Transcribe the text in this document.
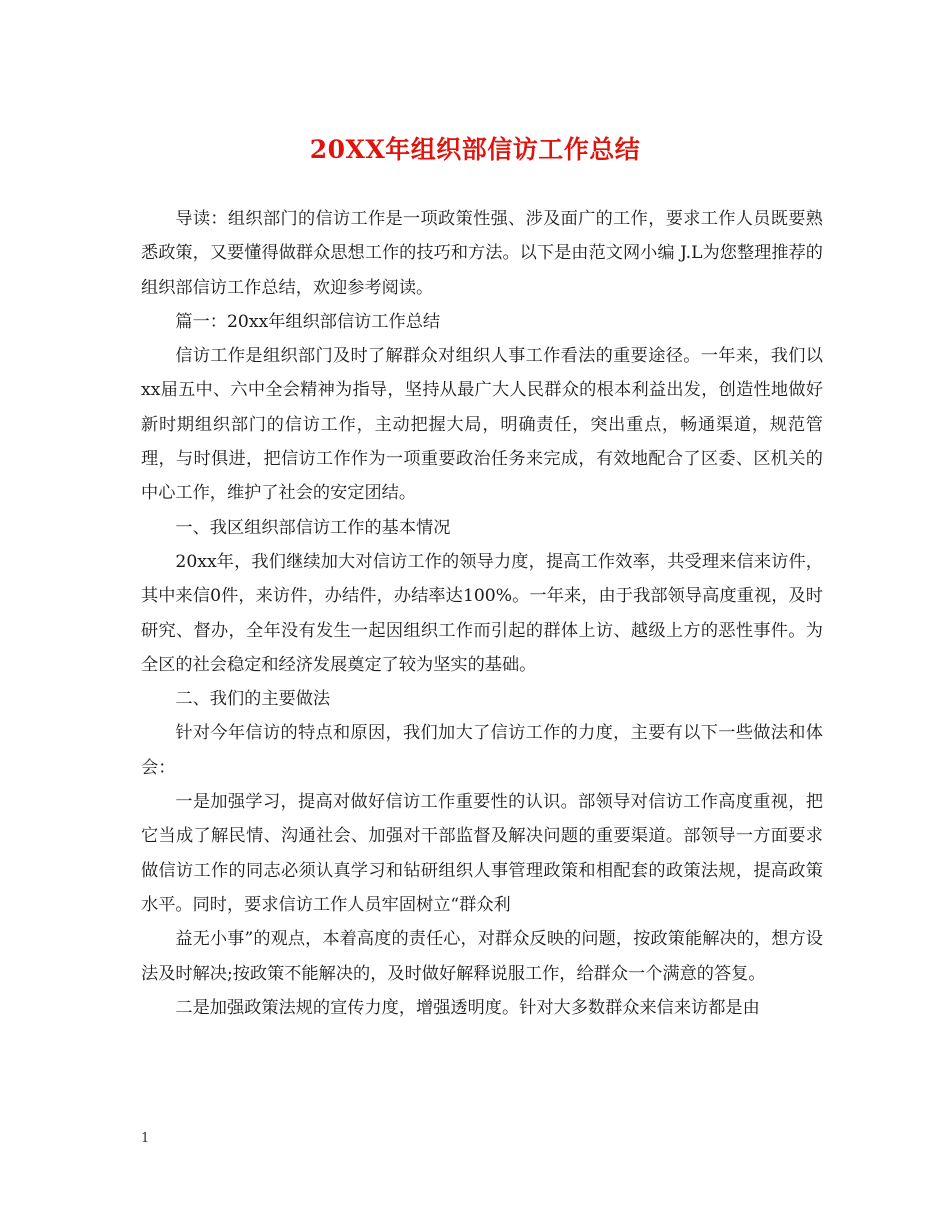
20XX年组织部信访工作总结

导读：组织部门的信访工作是一项政策性强、涉及面广的工作，要求工作人员既要熟悉政策，又要懂得做群众思想工作的技巧和方法。以下是由范文网小编 J.L为您整理推荐的组织部信访工作总结，欢迎参考阅读。

篇一：20xx年组织部信访工作总结

信访工作是组织部门及时了解群众对组织人事工作看法的重要途径。一年来，我们以xx届五中、六中全会精神为指导，坚持从最广大人民群众的根本利益出发，创造性地做好新时期组织部门的信访工作，主动把握大局，明确责任，突出重点，畅通渠道，规范管理，与时俱进，把信访工作作为一项重要政治任务来完成，有效地配合了区委、区机关的中心工作，维护了社会的安定团结。

一、我区组织部信访工作的基本情况

20xx年，我们继续加大对信访工作的领导力度，提高工作效率，共受理来信来访件，其中来信0件，来访件，办结件，办结率达100%。一年来，由于我部领导高度重视，及时研究、督办，全年没有发生一起因组织工作而引起的群体上访、越级上方的恶性事件。为全区的社会稳定和经济发展奠定了较为坚实的基础。

二、我们的主要做法

针对今年信访的特点和原因，我们加大了信访工作的力度，主要有以下一些做法和体会：

一是加强学习，提高对做好信访工作重要性的认识。部领导对信访工作高度重视，把它当成了解民情、沟通社会、加强对干部监督及解决问题的重要渠道。部领导一方面要求做信访工作的同志必须认真学习和钻研组织人事管理政策和相配套的政策法规，提高政策水平。同时，要求信访工作人员牢固树立“群众利

益无小事”的观点，本着高度的责任心，对群众反映的问题，按政策能解决的，想方设法及时解决;按政策不能解决的，及时做好解释说服工作，给群众一个满意的答复。

二是加强政策法规的宣传力度，增强透明度。针对大多数群众来信来访都是由

1
